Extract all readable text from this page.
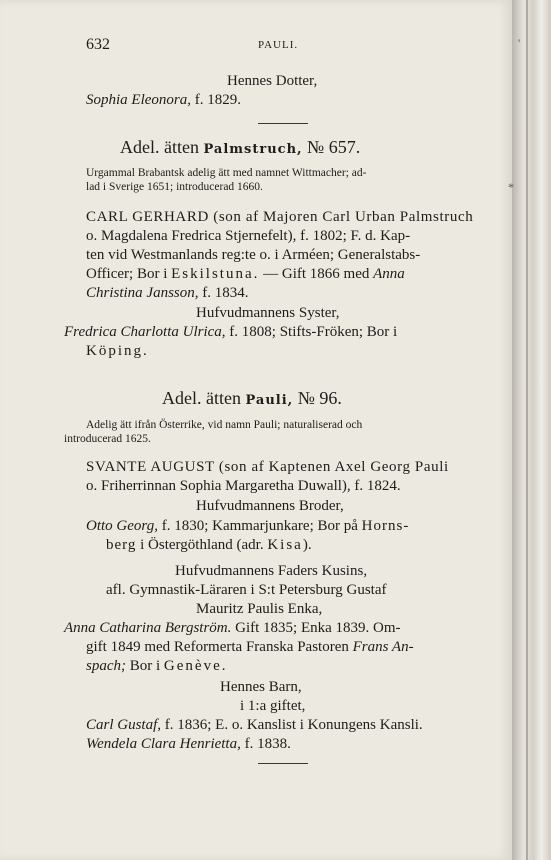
632	PAULI.
Hennes Dotter,
Sophia Eleonora, f. 1829.
Adel. ätten Palmstruch, № 657.
Urgammal Brabantsk adelig ätt med namnet Wittmacher; ad-
lad i Sverige 1651; introducerad 1660.
CARL GERHARD (son af Majoren Carl Urban Palmstruch
o. Magdalena Fredrica Stjernefelt), f. 1802; F. d. Kap-
ten vid Westmanlands reg:te o. i Arméen; Generalstabs-
Officer; Bor i Eskilstuna. — Gift 1866 med Anna
Christina Jansson, f. 1834.
Hufvudmannens Syster,
Fredrica Charlotta Ulrica, f. 1808; Stifts-Fröken; Bor i
Köping.
Adel. ätten Pauli, № 96.
Adelig ätt ifrån Österrike, vid namn Pauli; naturaliserad och
introducerad 1625.
SVANTE AUGUST (son af Kaptenen Axel Georg Pauli
o. Friherrinnan Sophia Margaretha Duwall), f. 1824.
Hufvudmannens Broder,
Otto Georg, f. 1830; Kammarjunkare; Bor på Horns-
berg i Östergöthland (adr. Kisa).
Hufvudmannens Faders Kusins,
afl. Gymnastik-Läraren i S:t Petersburg Gustaf
Mauritz Paulis Enka,
Anna Catharina Bergström. Gift 1835; Enka 1839. Om-
gift 1849 med Reformerta Franska Pastoren Frans An-
spach; Bor i Genève.
Hennes Barn,
i 1:a giftet,
Carl Gustaf, f. 1836; E. o. Kanslist i Konungens Kansli.
Wendela Clara Henrietta, f. 1838.
'
*
